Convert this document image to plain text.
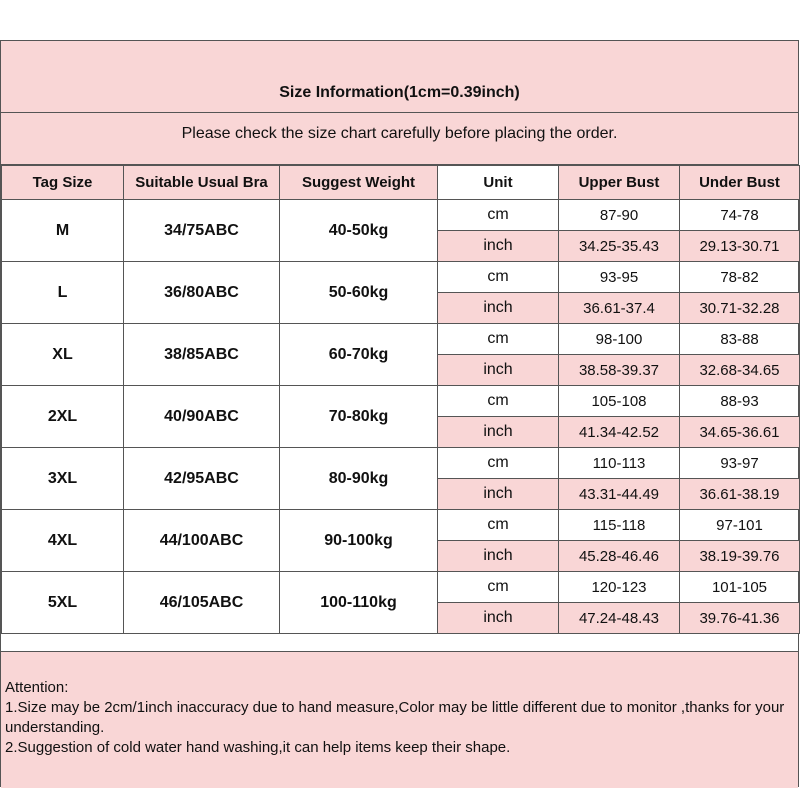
Size Information(1cm=0.39inch)
Please check the size chart carefully before placing the order.
Tag Size	Suitable Usual Bra	Suggest Weight	Unit	Upper Bust	Under Bust
M	34/75ABC	40-50kg	cm	87-90	74-78
			inch	34.25-35.43	29.13-30.71
L	36/80ABC	50-60kg	cm	93-95	78-82
			inch	36.61-37.4	30.71-32.28
XL	38/85ABC	60-70kg	cm	98-100	83-88
			inch	38.58-39.37	32.68-34.65
2XL	40/90ABC	70-80kg	cm	105-108	88-93
			inch	41.34-42.52	34.65-36.61
3XL	42/95ABC	80-90kg	cm	110-113	93-97
			inch	43.31-44.49	36.61-38.19
4XL	44/100ABC	90-100kg	cm	115-118	97-101
			inch	45.28-46.46	38.19-39.76
5XL	46/105ABC	100-110kg	cm	120-123	101-105
			inch	47.24-48.43	39.76-41.36
Attention:
1.Size may be 2cm/1inch inaccuracy due to hand measure,Color may be little different due to monitor ,thanks for your understanding.
2.Suggestion of cold water hand washing,it can help items keep their shape.
